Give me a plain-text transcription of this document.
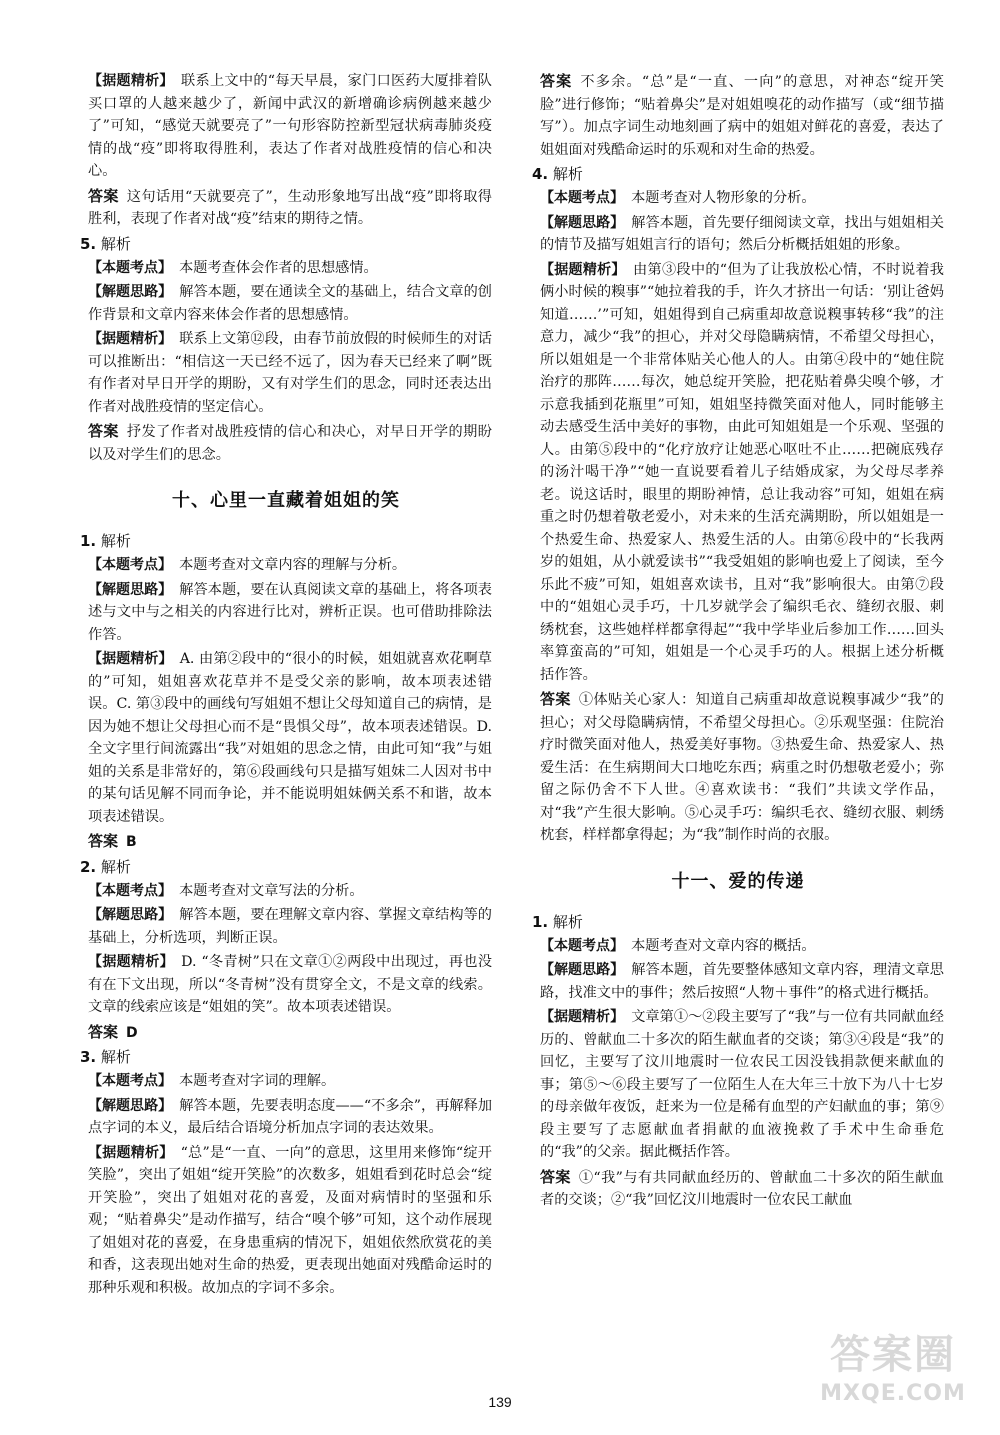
【据题精析】  联系上文中的“每天早晨，家门口医药大厦排着队买口罩的人越来越少了，新闻中武汉的新增确诊病例越来越少了”可知，“感觉天就要亮了”一句形容防控新型冠状病毒肺炎疫情的战“疫”即将取得胜利，表达了作者对战胜疫情的信心和决心。

答案 这句话用“天就要亮了”，生动形象地写出战“疫”即将取得胜利，表现了作者对战“疫”结束的期待之情。

5. 解析

【本题考点】  本题考查体会作者的思想感情。

【解题思路】  解答本题，要在通读全文的基础上，结合文章的创作背景和文章内容来体会作者的思想感情。

【据题精析】  联系上文第⑫段，由春节前放假的时候师生的对话可以推断出：“相信这一天已经不远了，因为春天已经来了啊”既有作者对早日开学的期盼，又有对学生们的思念，同时还表达出作者对战胜疫情的坚定信心。

答案 抒发了作者对战胜疫情的信心和决心，对早日开学的期盼以及对学生们的思念。

十、心里一直藏着姐姐的笑
1. 解析

【本题考点】  本题考查对文章内容的理解与分析。

【解题思路】  解答本题，要在认真阅读文章的基础上，将各项表述与文中与之相关的内容进行比对，辨析正误。也可借助排除法作答。

【据题精析】  A. 由第②段中的“很小的时候，姐姐就喜欢花啊草的”可知，姐姐喜欢花草并不是受父亲的影响，故本项表述错误。C. 第③段中的画线句写姐姐不想让父母知道自己的病情，是因为她不想让父母担心而不是“畏惧父母”，故本项表述错误。D. 全文字里行间流露出“我”对姐姐的思念之情，由此可知“我”与姐姐的关系是非常好的，第⑥段画线句只是描写姐妹二人因对书中的某句话见解不同而争论，并不能说明姐妹俩关系不和谐，故本项表述错误。

答案 B

2. 解析

【本题考点】  本题考查对文章写法的分析。

【解题思路】  解答本题，要在理解文章内容、掌握文章结构等的基础上，分析选项，判断正误。

【据题精析】  D. “冬青树”只在文章①②两段中出现过，再也没有在下文出现，所以“冬青树”没有贯穿全文，不是文章的线索。文章的线索应该是“姐姐的笑”。故本项表述错误。

答案 D

3. 解析

【本题考点】  本题考查对字词的理解。

【解题思路】  解答本题，先要表明态度——“不多余”，再解释加点字词的本义，最后结合语境分析加点字词的表达效果。

【据题精析】  “总”是“一直、一向”的意思，这里用来修饰“绽开笑脸”，突出了姐姐“绽开笑脸”的次数多，姐姐看到花时总会“绽开笑脸”，突出了姐姐对花的喜爱，及面对病情时的坚强和乐观；“贴着鼻尖”是动作描写，结合“嗅个够”可知，这个动作展现了姐姐对花的喜爱，在身患重病的情况下，姐姐依然欣赏花的美和香，这表现出她对生命的热爱，更表现出她面对残酷命运时的那种乐观和积极。故加点的字词不多余。

答案 不多余。“总”是“一直、一向”的意思，对神态“绽开笑脸”进行修饰；“贴着鼻尖”是对姐姐嗅花的动作描写（或“细节描写”）。加点字词生动地刻画了病中的姐姐对鲜花的喜爱，表达了姐姐面对残酷命运时的乐观和对生命的热爱。

4. 解析

【本题考点】  本题考查对人物形象的分析。

【解题思路】  解答本题，首先要仔细阅读文章，找出与姐姐相关的情节及描写姐姐言行的语句；然后分析概括姐姐的形象。

【据题精析】  由第③段中的“但为了让我放松心情，不时说着我俩小时候的糗事”“她拉着我的手，许久才挤出一句话：‘别让爸妈知道……’”可知，姐姐得到自己病重却故意说糗事转移“我”的注意力，减少“我”的担心，并对父母隐瞒病情，不希望父母担心，所以姐姐是一个非常体贴关心他人的人。由第④段中的“她住院治疗的那阵……每次，她总绽开笑脸，把花贴着鼻尖嗅个够，才示意我插到花瓶里”可知，姐姐坚持微笑面对他人，同时能够主动去感受生活中美好的事物，由此可知姐姐是一个乐观、坚强的人。由第⑤段中的“化疗放疗让她恶心呕吐不止……把碗底残存的汤汁喝干净”“她一直说要看着儿子结婚成家，为父母尽孝养老。说这话时，眼里的期盼神情，总让我动容”可知，姐姐在病重之时仍想着敬老爱小，对未来的生活充满期盼，所以姐姐是一个热爱生命、热爱家人、热爱生活的人。由第⑥段中的“长我两岁的姐姐，从小就爱读书”“我受姐姐的影响也爱上了阅读，至今乐此不疲”可知，姐姐喜欢读书，且对“我”影响很大。由第⑦段中的“姐姐心灵手巧，十几岁就学会了编织毛衣、缝纫衣服、刺绣枕套，这些她样样都拿得起”“我中学毕业后参加工作……回头率算蛮高的”可知，姐姐是一个心灵手巧的人。根据上述分析概括作答。

答案 ①体贴关心家人：知道自己病重却故意说糗事减少“我”的担心；对父母隐瞒病情，不希望父母担心。②乐观坚强：住院治疗时微笑面对他人，热爱美好事物。③热爱生命、热爱家人、热爱生活：在生病期间大口地吃东西；病重之时仍想敬老爱小；弥留之际仍舍不下人世。④喜欢读书：“我们”共读文学作品，对“我”产生很大影响。⑤心灵手巧：编织毛衣、缝纫衣服、刺绣枕套，样样都拿得起；为“我”制作时尚的衣服。

十一、爱的传递
1. 解析

【本题考点】  本题考查对文章内容的概括。

【解题思路】  解答本题，首先要整体感知文章内容，理清文章思路，找准文中的事件；然后按照“人物＋事件”的格式进行概括。

【据题精析】  文章第①～②段主要写了“我”与一位有共同献血经历的、曾献血二十多次的陌生献血者的交谈；第③④段是“我”的回忆，主要写了汶川地震时一位农民工因没钱捐款便来献血的事；第⑤～⑥段主要写了一位陌生人在大年三十放下为八十七岁的母亲做年夜饭，赶来为一位是稀有血型的产妇献血的事；第⑨段主要写了志愿献血者捐献的血液挽救了手术中生命垂危的“我”的父亲。据此概括作答。

答案 ①“我”与有共同献血经历的、曾献血二十多次的陌生献血者的交谈；②“我”回忆汶川地震时一位农民工献血

139
答案圈
MXQE.COM
